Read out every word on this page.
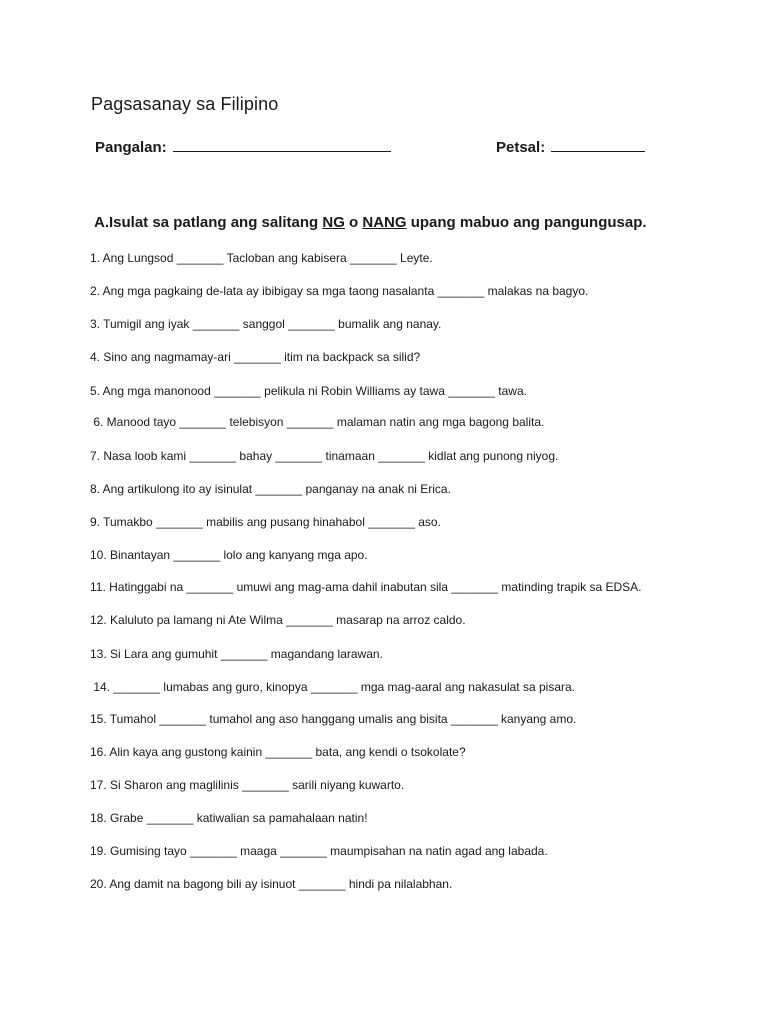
Pagsasanay sa Filipino
Pangalan:	Petsal:
A.Isulat sa patlang ang salitang NG o NANG upang mabuo ang pangungusap.
1. Ang Lungsod _______ Tacloban ang kabisera _______ Leyte.
2. Ang mga pagkaing de-lata ay ibibigay sa mga taong nasalanta _______ malakas na bagyo.
3. Tumigil ang iyak _______ sanggol _______ bumalik ang nanay.
4. Sino ang nagmamay-ari _______ itim na backpack sa silid?
5. Ang mga manonood _______ pelikula ni Robin Williams ay tawa _______ tawa.
6. Manood tayo _______ telebisyon _______ malaman natin ang mga bagong balita.
7. Nasa loob kami _______ bahay _______ tinamaan _______ kidlat ang punong niyog.
8. Ang artikulong ito ay isinulat _______ panganay na anak ni Erica.
9. Tumakbo _______ mabilis ang pusang hinahabol _______ aso.
10. Binantayan _______ lolo ang kanyang mga apo.
11. Hatinggabi na _______ umuwi ang mag-ama dahil inabutan sila _______ matinding trapik sa EDSA.
12. Kaluluto pa lamang ni Ate Wilma _______ masarap na arroz caldo.
13. Si Lara ang gumuhit _______ magandang larawan.
14. _______ lumabas ang guro, kinopya _______ mga mag-aaral ang nakasulat sa pisara.
15. Tumahol _______ tumahol ang aso hanggang umalis ang bisita _______ kanyang amo.
16. Alin kaya ang gustong kainin _______ bata, ang kendi o tsokolate?
17. Si Sharon ang maglilinis _______ sarili niyang kuwarto.
18. Grabe _______ katiwalian sa pamahalaan natin!
19. Gumising tayo _______ maaga _______ maumpisahan na natin agad ang labada.
20. Ang damit na bagong bili ay isinuot _______ hindi pa nilalabhan.
